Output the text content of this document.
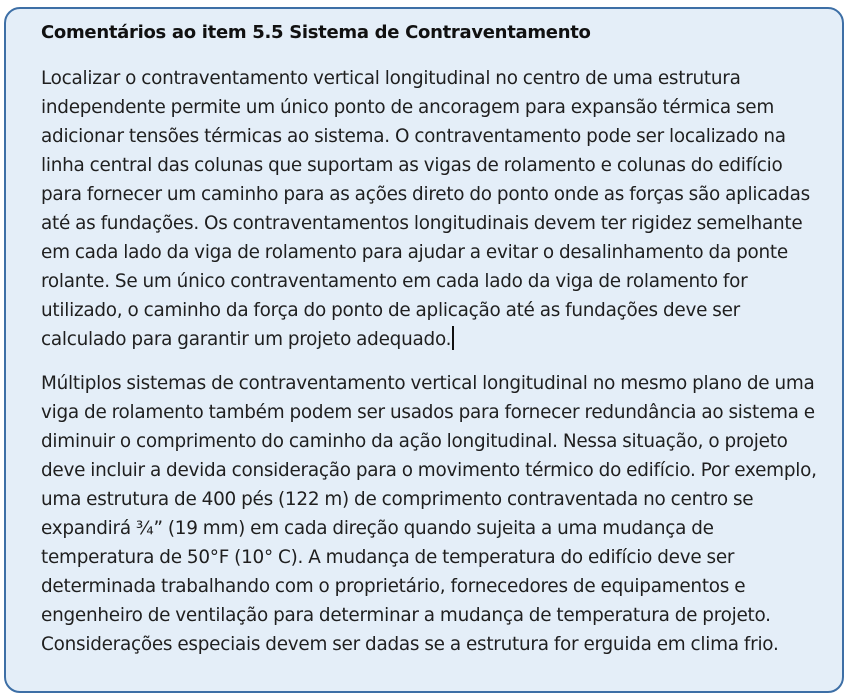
Comentários ao item 5.5 Sistema de Contraventamento

Localizar o contraventamento vertical longitudinal no centro de uma estrutura independente permite um único ponto de ancoragem para expansão térmica sem adicionar tensões térmicas ao sistema. O contraventamento pode ser localizado na linha central das colunas que suportam as vigas de rolamento e colunas do edifício para fornecer um caminho para as ações direto do ponto onde as forças são aplicadas até as fundações. Os contraventamentos longitudinais devem ter rigidez semelhante em cada lado da viga de rolamento para ajudar a evitar o desalinhamento da ponte rolante. Se um único contraventamento em cada lado da viga de rolamento for utilizado, o caminho da força do ponto de aplicação até as fundações deve ser calculado para garantir um projeto adequado.

Múltiplos sistemas de contraventamento vertical longitudinal no mesmo plano de uma viga de rolamento também podem ser usados para fornecer redundância ao sistema e diminuir o comprimento do caminho da ação longitudinal. Nessa situação, o projeto deve incluir a devida consideração para o movimento térmico do edifício. Por exemplo, uma estrutura de 400 pés (122 m) de comprimento contraventada no centro se expandirá ¾” (19 mm) em cada direção quando sujeita a uma mudança de temperatura de 50°F (10° C). A mudança de temperatura do edifício deve ser determinada trabalhando com o proprietário, fornecedores de equipamentos e engenheiro de ventilação para determinar a mudança de temperatura de projeto. Considerações especiais devem ser dadas se a estrutura for erguida em clima frio.
